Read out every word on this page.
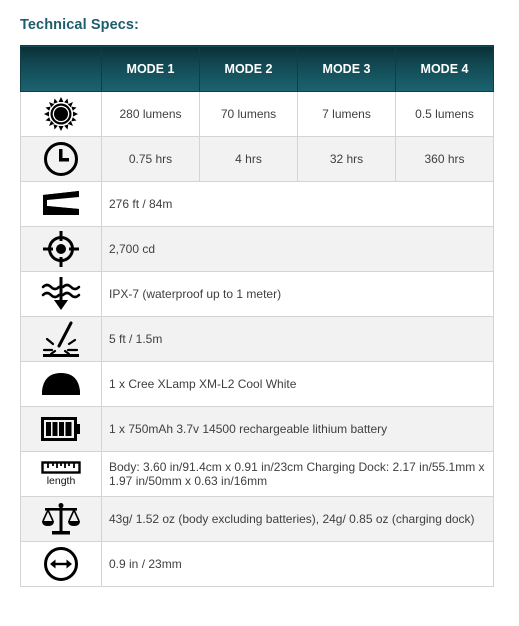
Technical Specs:
	MODE 1	MODE 2	MODE 3	MODE 4

	280 lumens	70 lumens	7 lumens	0.5 lumens

	0.75 hrs	4 hrs	32 hrs	360 hrs

	276 ft / 84m			

	2,700 cd			

	IPX-7 (waterproof up to 1 meter)			

	5 ft / 1.5m			

	1 x Cree XLamp XM-L2 Cool White			

	1 x 750mAh 3.7v 14500 rechargeable lithium battery			

length	Body: 3.60 in/91.4cm x 0.91 in/23cm Charging Dock: 2.17 in/55.1mm x 1.97 in/50mm x 0.63 in/16mm			

	43g/ 1.52 oz (body excluding batteries), 24g/ 0.85 oz (charging dock)			

	0.9 in / 23mm			
